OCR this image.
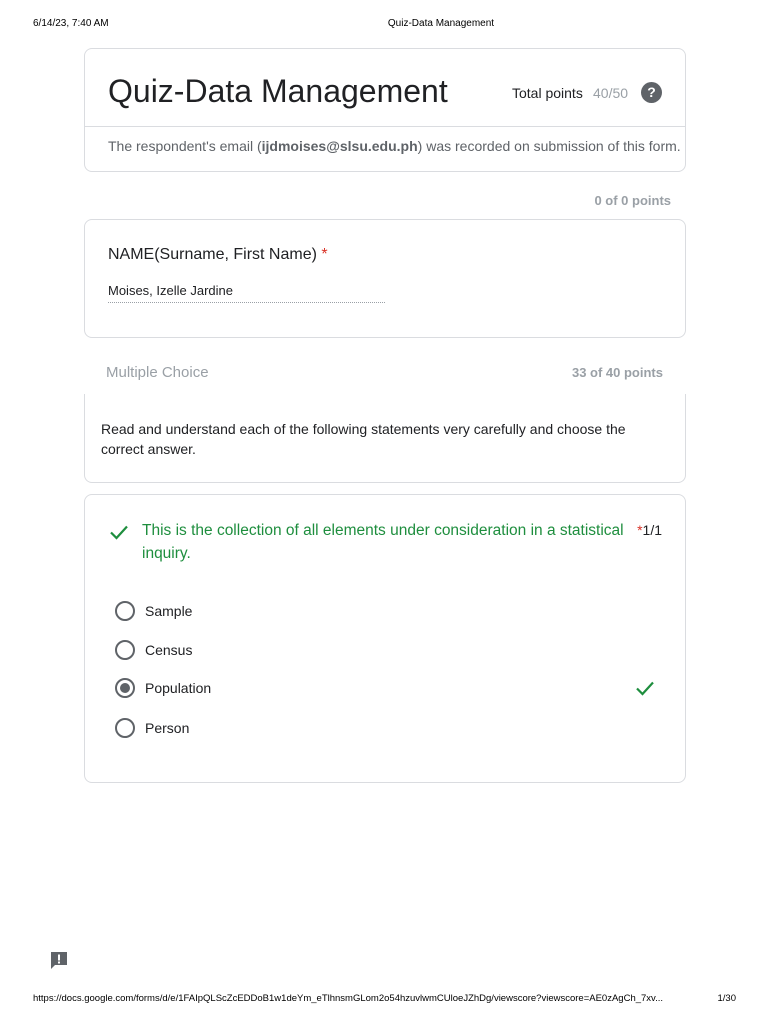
6/14/23, 7:40 AM	Quiz-Data Management
Quiz-Data Management	Total points 40/50	?
The respondent's email (ijdmoises@slsu.edu.ph) was recorded on submission of this form.
0 of 0 points
NAME(Surname, First Name) *
Moises, Izelle Jardine
Multiple Choice	33 of 40 points
Read and understand each of the following statements very carefully and choose the correct answer.
This is the collection of all elements under consideration in a statistical inquiry.
*1/1
Sample
Census
Population
Person
https://docs.google.com/forms/d/e/1FAIpQLScZcEDDoB1w1deYm_eTlhnsmGLom2o54hzuvlwmCUloeJZhDg/viewscore?viewscore=AE0zAgCh_7xv...	1/30
